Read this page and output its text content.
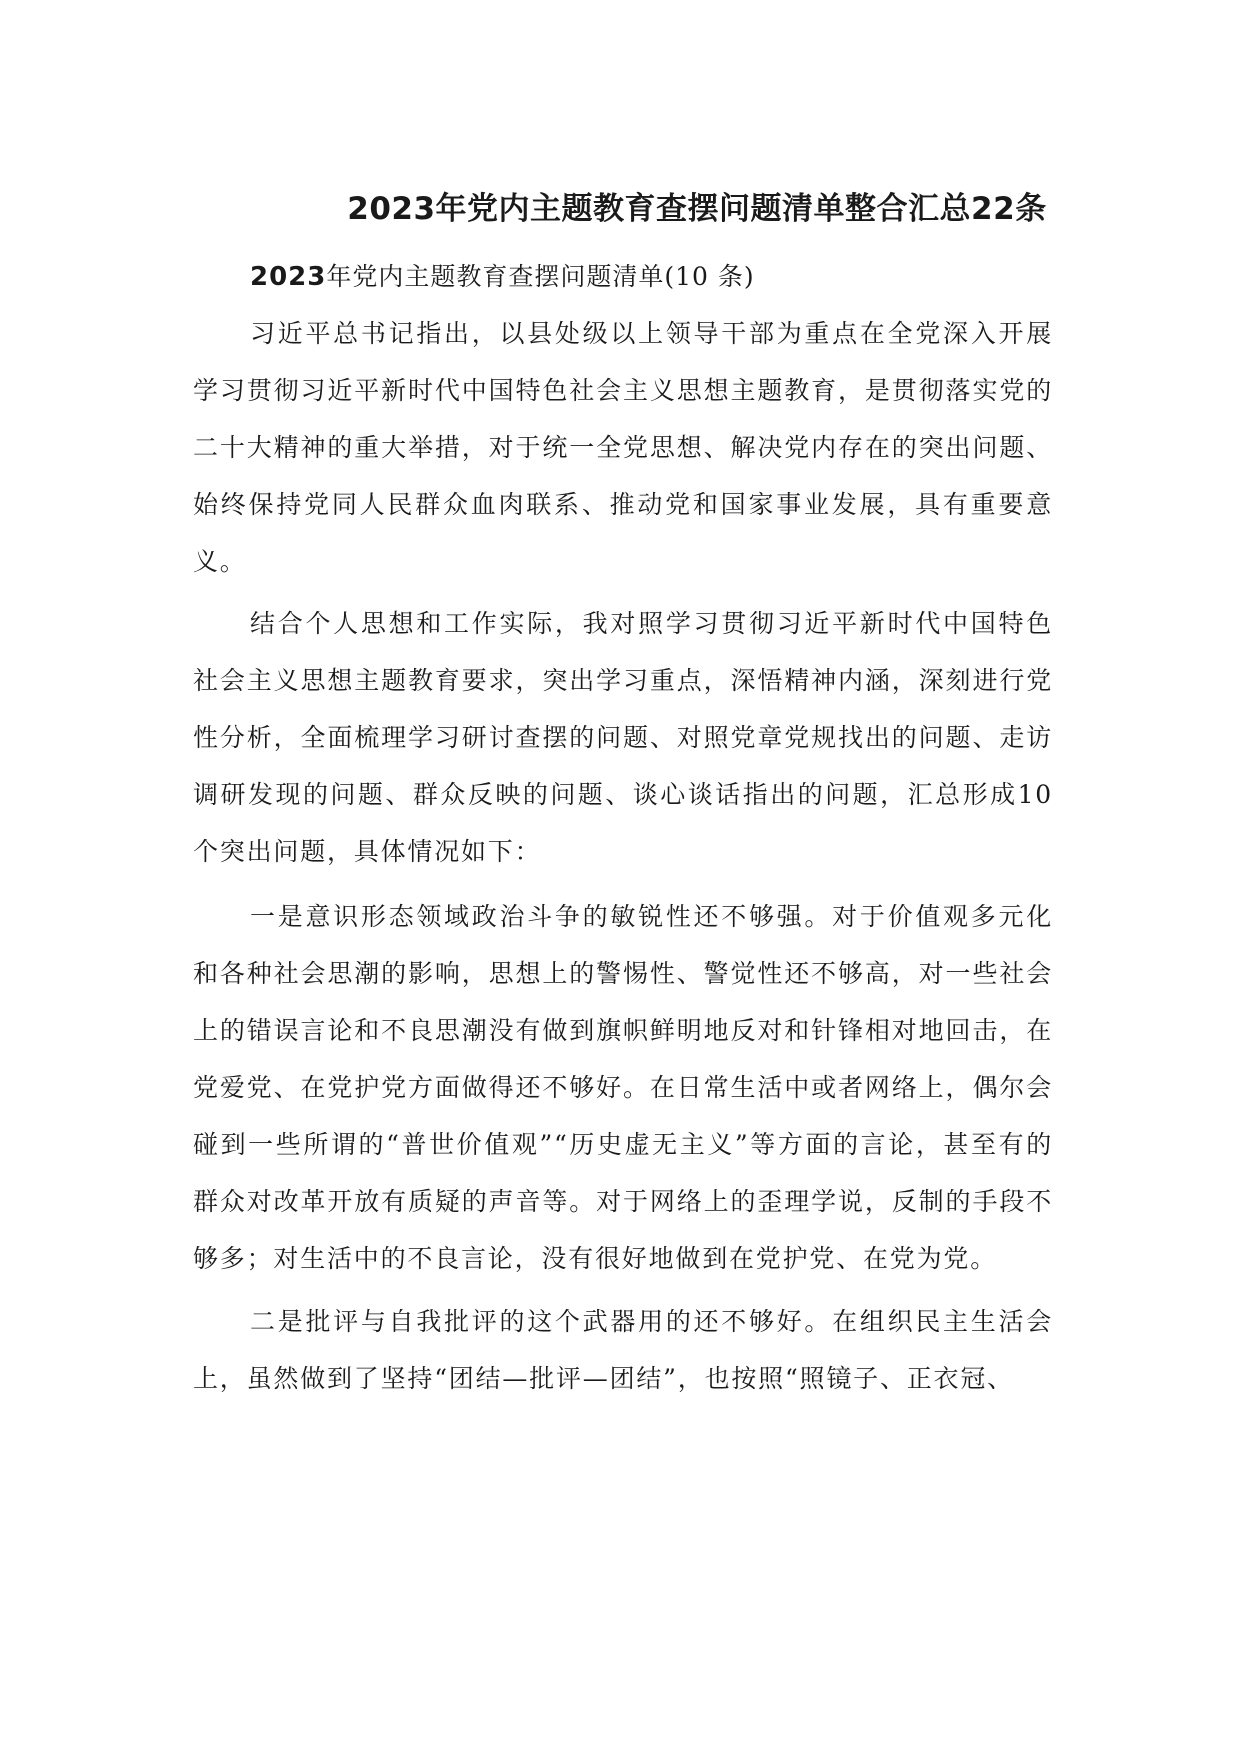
2023年党内主题教育查摆问题清单整合汇总22条

2023年党内主题教育查摆问题清单(10 条)

习近平总书记指出，以县处级以上领导干部为重点在全党深入开展学习贯彻习近平新时代中国特色社会主义思想主题教育，是贯彻落实党的二十大精神的重大举措，对于统一全党思想、解决党内存在的突出问题、始终保持党同人民群众血肉联系、推动党和国家事业发展，具有重要意义。

结合个人思想和工作实际，我对照学习贯彻习近平新时代中国特色社会主义思想主题教育要求，突出学习重点，深悟精神内涵，深刻进行党性分析，全面梳理学习研讨查摆的问题、对照党章党规找出的问题、走访调研发现的问题、群众反映的问题、谈心谈话指出的问题，汇总形成10个突出问题，具体情况如下：

一是意识形态领域政治斗争的敏锐性还不够强。对于价值观多元化和各种社会思潮的影响，思想上的警惕性、警觉性还不够高，对一些社会上的错误言论和不良思潮没有做到旗帜鲜明地反对和针锋相对地回击，在党爱党、在党护党方面做得还不够好。在日常生活中或者网络上，偶尔会碰到一些所谓的“普世价值观”“历史虚无主义”等方面的言论，甚至有的群众对改革开放有质疑的声音等。对于网络上的歪理学说，反制的手段不够多；对生活中的不良言论，没有很好地做到在党护党、在党为党。

二是批评与自我批评的这个武器用的还不够好。在组织民主生活会上，虽然做到了坚持“团结—批评—团结”，也按照“照镜子、正衣冠、
